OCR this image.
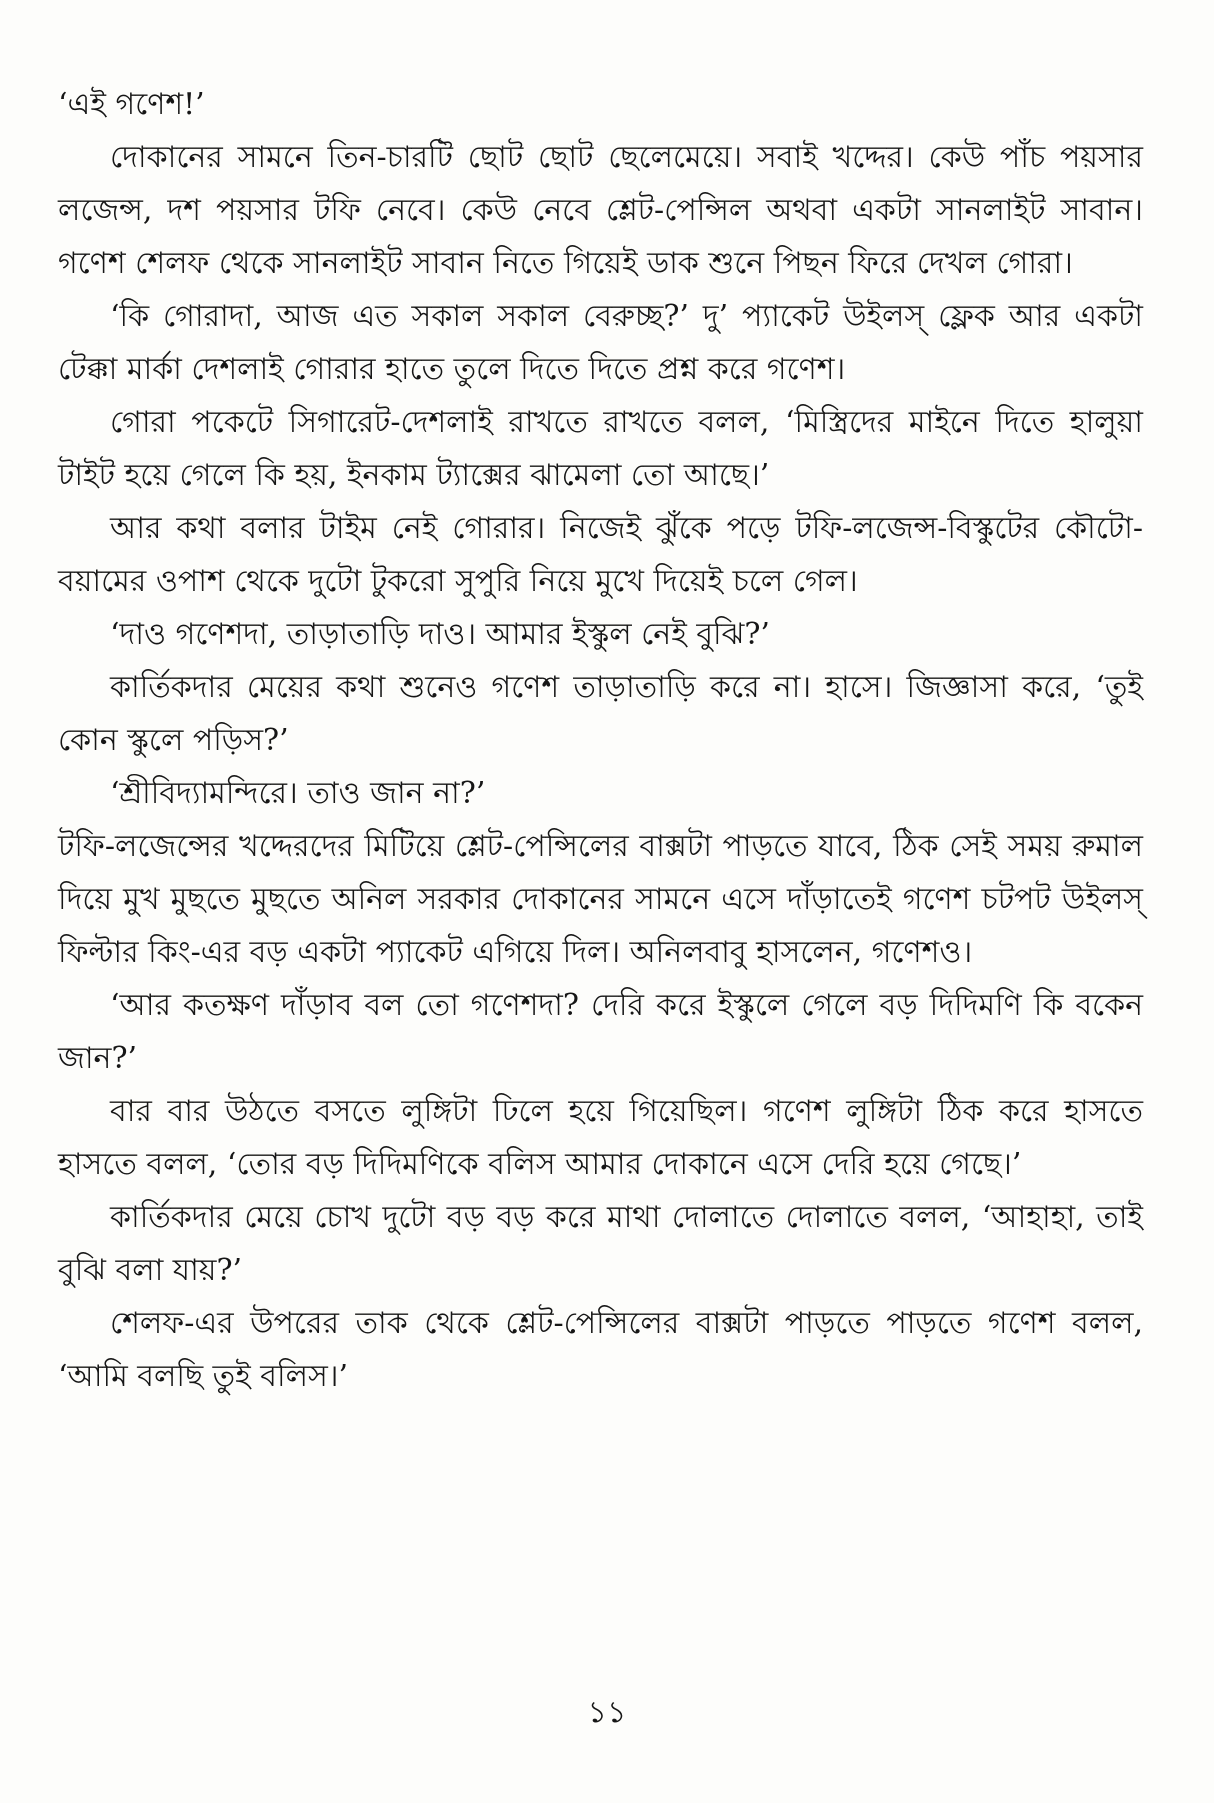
‘এই গণেশ!’

দোকানের সামনে তিন-চারটি ছোট ছোট ছেলেমেয়ে। সবাই খদ্দের। কেউ পাঁচ পয়সার লজেন্স, দশ পয়সার টফি নেবে। কেউ নেবে শ্লেট-পেন্সিল অথবা একটা সানলাইট সাবান। গণেশ শেলফ থেকে সানলাইট সাবান নিতে গিয়েই ডাক শুনে পিছন ফিরে দেখল গোরা।

‘কি গোরাদা, আজ এত সকাল সকাল বেরুচ্ছ?’ দু’ প্যাকেট উইলস্ ফ্লেক আর একটা টেক্কা মার্কা দেশলাই গোরার হাতে তুলে দিতে দিতে প্রশ্ন করে গণেশ।

গোরা পকেটে সিগারেট-দেশলাই রাখতে রাখতে বলল, ‘মিস্ত্রিদের মাইনে দিতে হালুয়া টাইট হয়ে গেলে কি হয়, ইনকাম ট্যাক্সের ঝামেলা তো আছে।’

আর কথা বলার টাইম নেই গোরার। নিজেই ঝুঁকে পড়ে টফি-লজেন্স-বিস্কুটের কৌটো-বয়ামের ওপাশ থেকে দুটো টুকরো সুপুরি নিয়ে মুখে দিয়েই চলে গেল।

‘দাও গণেশদা, তাড়াতাড়ি দাও। আমার ইস্কুল নেই বুঝি?’

কার্তিকদার মেয়ের কথা শুনেও গণেশ তাড়াতাড়ি করে না। হাসে। জিজ্ঞাসা করে, ‘তুই কোন স্কুলে পড়িস?’

‘শ্রীবিদ্যামন্দিরে। তাও জান না?’

টফি-লজেন্সের খদ্দেরদের মিটিয়ে শ্লেট-পেন্সিলের বাক্সটা পাড়তে যাবে, ঠিক সেই সময় রুমাল দিয়ে মুখ মুছতে মুছতে অনিল সরকার দোকানের সামনে এসে দাঁড়াতেই গণেশ চটপট উইলস্ ফিল্টার কিং-এর বড় একটা প্যাকেট এগিয়ে দিল। অনিলবাবু হাসলেন, গণেশও।

‘আর কতক্ষণ দাঁড়াব বল তো গণেশদা? দেরি করে ইস্কুলে গেলে বড় দিদিমণি কি বকেন জান?’

বার বার উঠতে বসতে লুঙ্গিটা ঢিলে হয়ে গিয়েছিল। গণেশ লুঙ্গিটা ঠিক করে হাসতে হাসতে বলল, ‘তোর বড় দিদিমণিকে বলিস আমার দোকানে এসে দেরি হয়ে গেছে।’

কার্তিকদার মেয়ে চোখ দুটো বড় বড় করে মাথা দোলাতে দোলাতে বলল, ‘আহাহা, তাই বুঝি বলা যায়?’

শেলফ-এর উপরের তাক থেকে শ্লেট-পেন্সিলের বাক্সটা পাড়তে পাড়তে গণেশ বলল, ‘আমি বলছি তুই বলিস।’

১১
